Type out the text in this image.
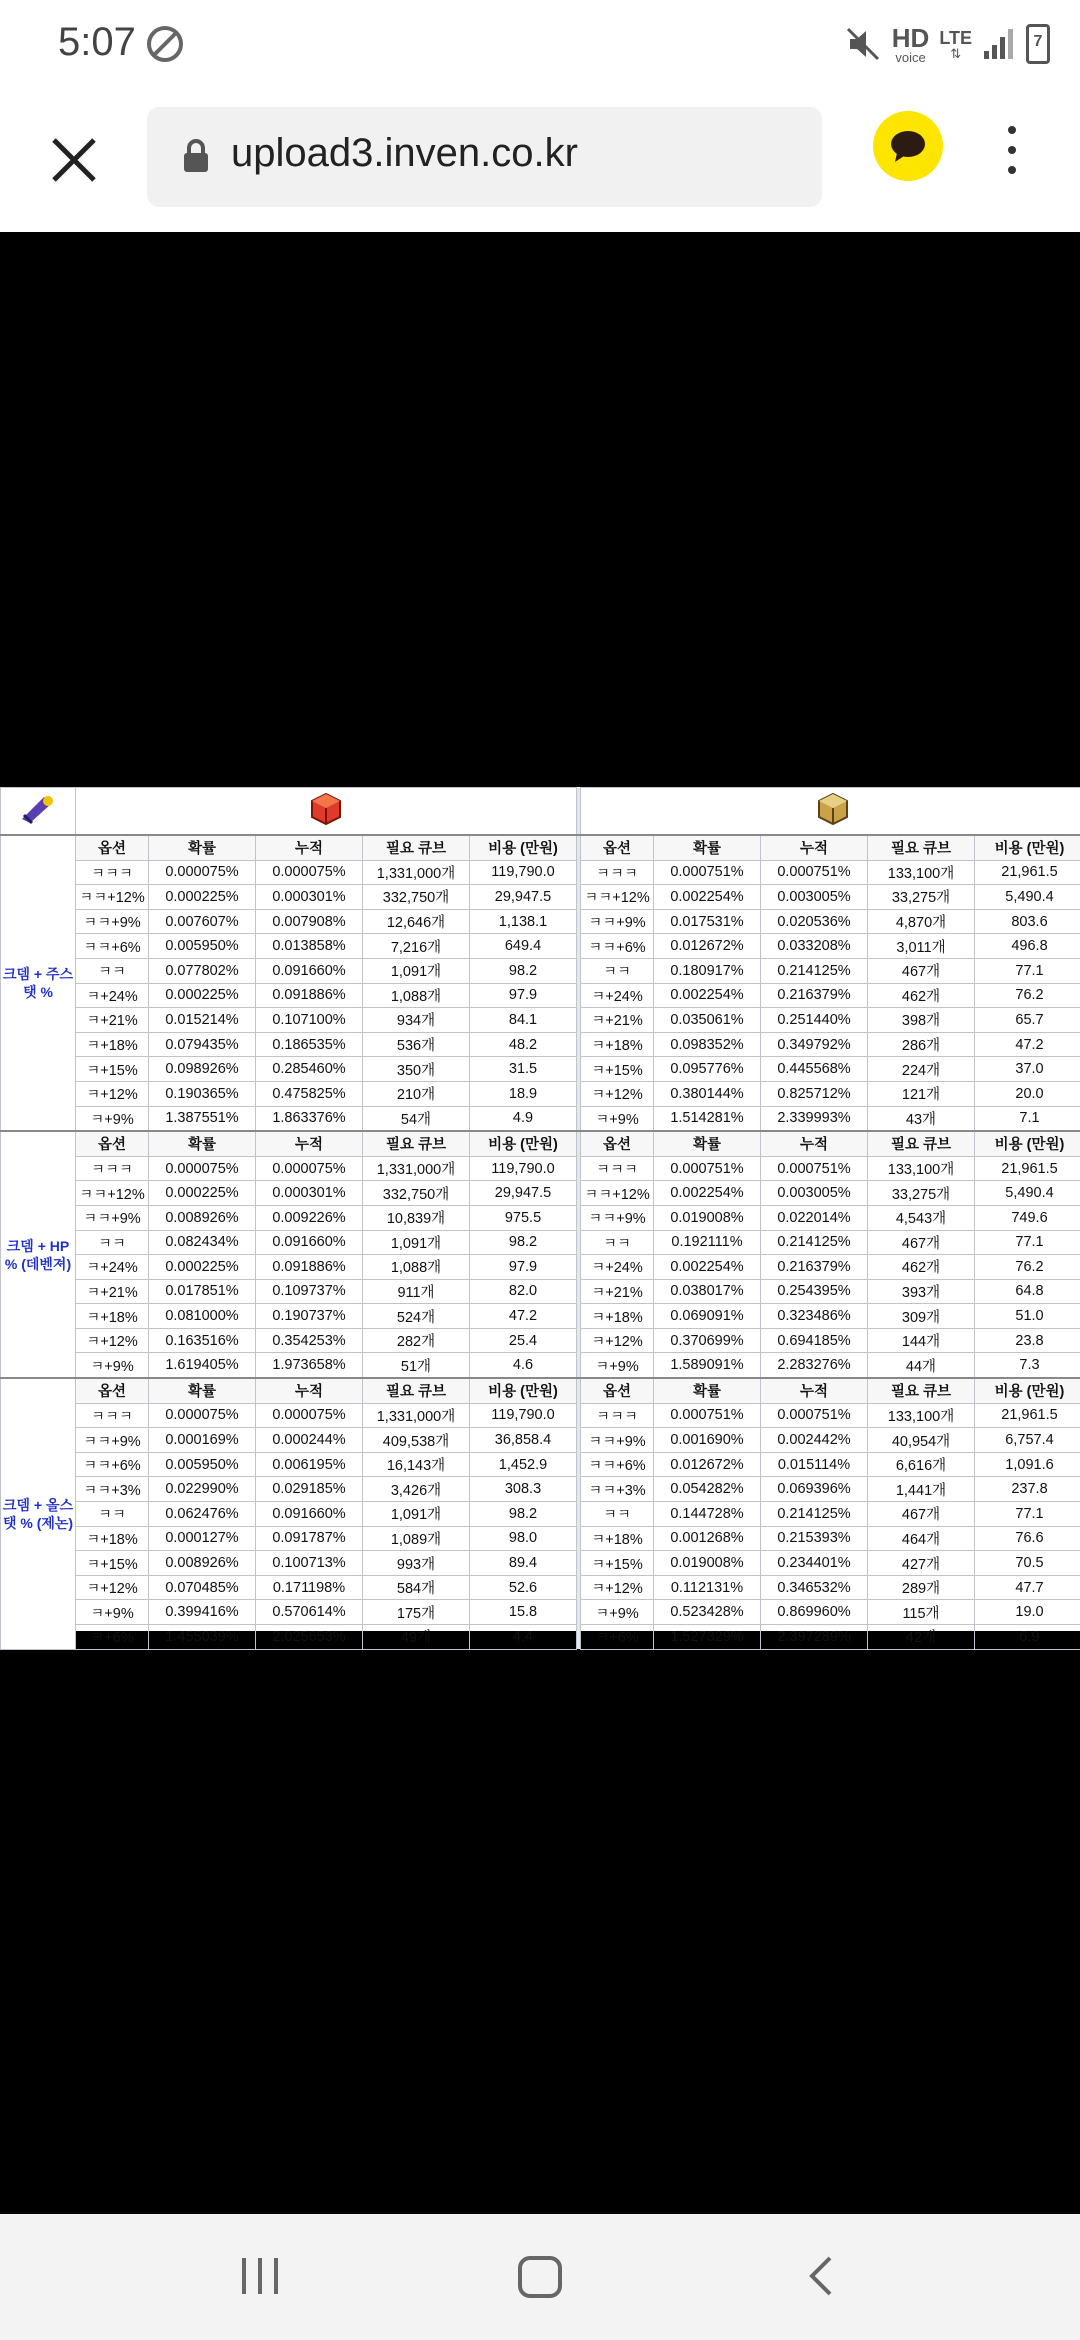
5:07	HD
voice
LTE
⇅
7
upload3.inven.co.kr

크뎀 + 주스탯 %	옵션	확률	누적	필요 큐브	비용 (만원)		옵션	확률	누적	필요 큐브	비용 (만원)
	ㅋㅋㅋ	0.000075%	0.000075%	1,331,000개	119,790.0		ㅋㅋㅋ	0.000751%	0.000751%	133,100개	21,961.5
	ㅋㅋ+12%	0.000225%	0.000301%	332,750개	29,947.5		ㅋㅋ+12%	0.002254%	0.003005%	33,275개	5,490.4
	ㅋㅋ+9%	0.007607%	0.007908%	12,646개	1,138.1		ㅋㅋ+9%	0.017531%	0.020536%	4,870개	803.6
	ㅋㅋ+6%	0.005950%	0.013858%	7,216개	649.4		ㅋㅋ+6%	0.012672%	0.033208%	3,011개	496.8
	ㅋㅋ	0.077802%	0.091660%	1,091개	98.2		ㅋㅋ	0.180917%	0.214125%	467개	77.1
	ㅋ+24%	0.000225%	0.091886%	1,088개	97.9		ㅋ+24%	0.002254%	0.216379%	462개	76.2
	ㅋ+21%	0.015214%	0.107100%	934개	84.1		ㅋ+21%	0.035061%	0.251440%	398개	65.7
	ㅋ+18%	0.079435%	0.186535%	536개	48.2		ㅋ+18%	0.098352%	0.349792%	286개	47.2
	ㅋ+15%	0.098926%	0.285460%	350개	31.5		ㅋ+15%	0.095776%	0.445568%	224개	37.0
	ㅋ+12%	0.190365%	0.475825%	210개	18.9		ㅋ+12%	0.380144%	0.825712%	121개	20.0
	ㅋ+9%	1.387551%	1.863376%	54개	4.9		ㅋ+9%	1.514281%	2.339993%	43개	7.1
크뎀 + HP % (데벤져)	옵션	확률	누적	필요 큐브	비용 (만원)		옵션	확률	누적	필요 큐브	비용 (만원)
	ㅋㅋㅋ	0.000075%	0.000075%	1,331,000개	119,790.0		ㅋㅋㅋ	0.000751%	0.000751%	133,100개	21,961.5
	ㅋㅋ+12%	0.000225%	0.000301%	332,750개	29,947.5		ㅋㅋ+12%	0.002254%	0.003005%	33,275개	5,490.4
	ㅋㅋ+9%	0.008926%	0.009226%	10,839개	975.5		ㅋㅋ+9%	0.019008%	0.022014%	4,543개	749.6
	ㅋㅋ	0.082434%	0.091660%	1,091개	98.2		ㅋㅋ	0.192111%	0.214125%	467개	77.1
	ㅋ+24%	0.000225%	0.091886%	1,088개	97.9		ㅋ+24%	0.002254%	0.216379%	462개	76.2
	ㅋ+21%	0.017851%	0.109737%	911개	82.0		ㅋ+21%	0.038017%	0.254395%	393개	64.8
	ㅋ+18%	0.081000%	0.190737%	524개	47.2		ㅋ+18%	0.069091%	0.323486%	309개	51.0
	ㅋ+12%	0.163516%	0.354253%	282개	25.4		ㅋ+12%	0.370699%	0.694185%	144개	23.8
	ㅋ+9%	1.619405%	1.973658%	51개	4.6		ㅋ+9%	1.589091%	2.283276%	44개	7.3
크뎀 + 올스탯 % (제논)	옵션	확률	누적	필요 큐브	비용 (만원)		옵션	확률	누적	필요 큐브	비용 (만원)
	ㅋㅋㅋ	0.000075%	0.000075%	1,331,000개	119,790.0		ㅋㅋㅋ	0.000751%	0.000751%	133,100개	21,961.5
	ㅋㅋ+9%	0.000169%	0.000244%	409,538개	36,858.4		ㅋㅋ+9%	0.001690%	0.002442%	40,954개	6,757.4
	ㅋㅋ+6%	0.005950%	0.006195%	16,143개	1,452.9		ㅋㅋ+6%	0.012672%	0.015114%	6,616개	1,091.6
	ㅋㅋ+3%	0.022990%	0.029185%	3,426개	308.3		ㅋㅋ+3%	0.054282%	0.069396%	1,441개	237.8
	ㅋㅋ	0.062476%	0.091660%	1,091개	98.2		ㅋㅋ	0.144728%	0.214125%	467개	77.1
	ㅋ+18%	0.000127%	0.091787%	1,089개	98.0		ㅋ+18%	0.001268%	0.215393%	464개	76.6
	ㅋ+15%	0.008926%	0.100713%	993개	89.4		ㅋ+15%	0.019008%	0.234401%	427개	70.5
	ㅋ+12%	0.070485%	0.171198%	584개	52.6		ㅋ+12%	0.112131%	0.346532%	289개	47.7
	ㅋ+9%	0.399416%	0.570614%	175개	15.8		ㅋ+9%	0.523428%	0.869960%	115개	19.0
	ㅋ+6%	1.455039%	2.025653%	49개	4.4		ㅋ+6%	1.527329%	2.397289%	42개	6.9
